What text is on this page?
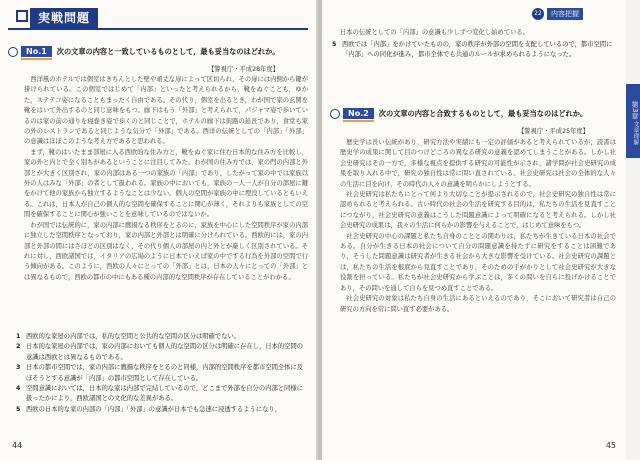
実戦問題
No.1	次の文章の内容と一致しているものとして，最も妥当なのはどれか。
【警視庁・平成28年度】

西洋風のホテルでは個室はきちんとした壁や頑丈な扉によって区切られ，その扉には内側から鍵が掛けられている。この個室ではじめて「内部」といったと考えられるから，靴をぬぐことも，ゆかた，ステテコ姿になることもまったく自由である。その代り，個室を出るとき，わが国で家の玄関を靴をはいて外出するのと同じ意味をもつ。廊下はもう「外部」と考えられて，パジャマ姿で歩いているのは家の前の通りを寝巻き姿で歩くのと同じことで，ホテルの廊下は街路の延長であり，食堂も家の外のレストランであると同じような気分で「外部」である。西洋の伝統としての「内部」「外部」の意識はほぼこのような考え方であると思われる。

まず，靴のはいたまま部屋に入る西欧的な住み方と，靴をぬぐ家に住む日本的な住み方を比較し，家の外と内とで全く別ちがあるということに注目してみた。わが国の住み方では，家の門の内部と外部とが大きく区別され，家の内部はある一つの家族の「内部」であり，したがって家の中では家族以外の人はみな「外部」の者として扱われる。家族の中においても，家族の一人一人が自分の部屋に鍵をかけて他の家族から独立するようなことは少ない。個人の空間が家族の中に埋没しているともいえる。これは，日本人が自己の個人的な空間を確保することに関心が薄く，それよりも家族としての空間を確保することに関心が強いことを意味しているのではないか。

わが国では伝統的に，家の内部に鷹揚なる秩序をとるのに，家族を中心にした空間秩序が家の内部に独立した空間秩序となっており，家の内部と外部とは明確に分けられている。西欧的には，家の内部と外部の間にはさほどの区別はなく，その代り個人の部屋の内と外とが厳しく区別されている。それに対し，西欧諸国では，イタリアの広場のように日本でいえば家の中でする行為を外部の空間で行う傾向がある。このように，西欧の人々にとっての「外部」とは，日本の人々にとっての「外部」とは異なるもので，西欧の都市の中にもある種の内部的な空間秩序が存在していることがわかる。

1 西欧的な家屋の内部では，私的な空間と公共的な空間の区分は明確でない。
2 日本的な家屋の内部では，家の内部においても個人的な空間の区分は明確に存在し，日本的空間の意識は西欧とは異なるものである。
3 日本の都市空間では，家の内部に鷹揚な秩序をとるのと同様，内部的空間秩序を都市空間全体に及ぼそうとする意識が「内部」の都市空間として存在している。
4 空間意識においては，日本的な家は内部で完結しているので，どこまで外部を自分の内部と同様に扱ったかにより，西欧諸国との文化的な差異がある。
5 西欧の日本的な家の内部の「内部」「外部」の意識が日本でも急速に浸透するようになり，
44
22 内容把握

日本の伝統としての「内部」の意識も少しずつ変化し始めている。

5 西欧では「内部」をかけていたものの，家の秩序が外部の空間を支配しているので，都市空間に「内部」への同化が進み，都市全体でも共通のルールが求められるようになった。
No.2	次の文章の内容と合致するものとして，最も妥当なのはどれか。
【警視庁・平成25年度】

歴史学は長い伝統があり，研究方法や実績にも一定の評価があると考えられているが，読書は歴史学の成果に関して目のつけどころの異なる研究の意義を認めてしまうことがある。しかし社会史研究はその一方で，多様な視点を提供する研究の可能性が示され，諸学問が社会史研究の成果を取り入れる中で，研究の独自性は常に問い直されている。社会史研究は社会の全体的な人々の生活に目を向け，その時代の人々の意識を明らかにしようとする。

社会史研究は私たちにとって何より大切なことが提示されるので，社会史研究の独自性は常に認められると考えられる。古い時代の社会の生活を研究する目的は，私たちの生活を見直すことにつながり，社会史研究の意義はこうした問題意識によって明確になると考えられる。しかし社会史研究の成果は，我々の生活に何らかの影響を与えることで，はじめて意味をもつ。

社会史研究の中心の課題と私たち自身のこととの関わりは，私たちが生きている日本の社会である。自分が生きる日本の社会について自分の問題意識を持たずに研究をすることは困難であり，そうした問題意識は研究者が生きる社会から大きな影響を受けている。社会史研究の課題とは，私たちの生活を根底から見直すことであり，そのための手がかりとして社会史研究が大きな役割を担っている。私たちが社会史研究から学ぶことは，多くの問いを自らに投げかけることであり，その問いを通して自らを見つめ直すことである。

社会史研究の対象は私たち自身の生活にあるといえるのであり，そこにおいて研究者は自己の研究の方向を常に問い直す必要がある。

45
第3章 文章理解
